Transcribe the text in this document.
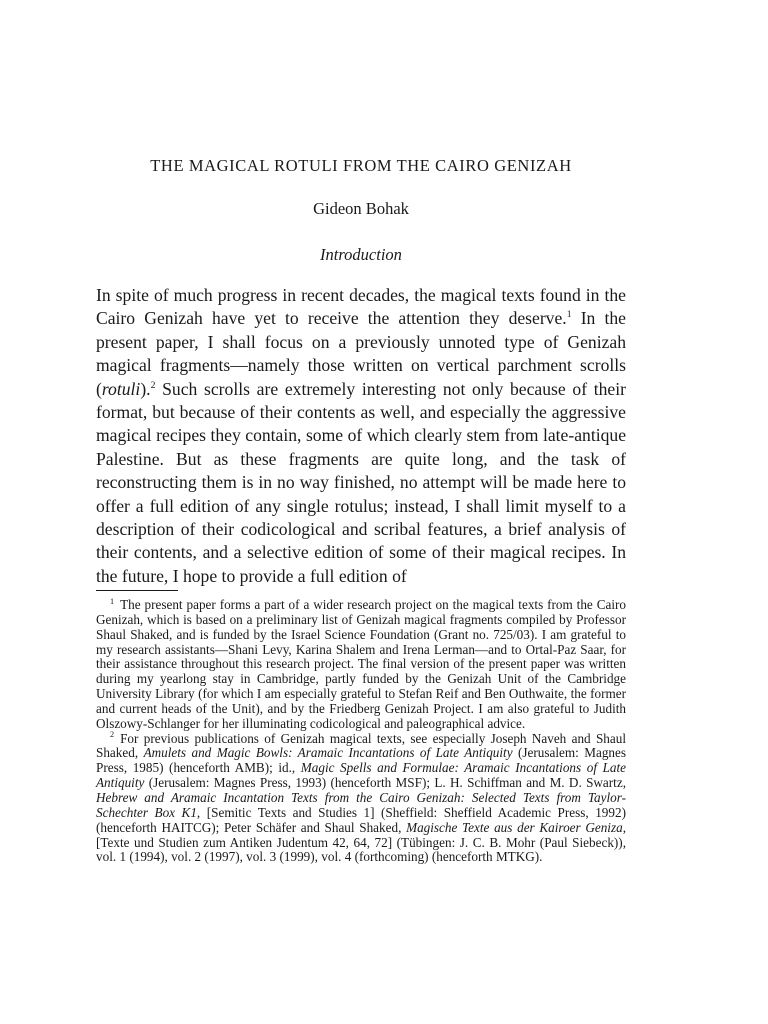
THE MAGICAL ROTULI FROM THE CAIRO GENIZAH
Gideon Bohak
Introduction

In spite of much progress in recent decades, the magical texts found in the Cairo Genizah have yet to receive the attention they deserve.$^1$ In the present paper, I shall focus on a previously unnoted type of Genizah magical fragments—namely those written on vertical parchment scrolls (rotuli).$^2$ Such scrolls are extremely interesting not only because of their format, but because of their contents as well, and especially the aggressive magical recipes they contain, some of which clearly stem from late-antique Palestine. But as these fragments are quite long, and the task of reconstructing them is in no way finished, no attempt will be made here to offer a full edition of any single rotulus; instead, I shall limit myself to a description of their codicological and scribal features, a brief analysis of their contents, and a selective edition of some of their magical recipes. In the future, I hope to provide a full edition of

$^1$ The present paper forms a part of a wider research project on the magical texts from the Cairo Genizah, which is based on a preliminary list of Genizah magical fragments compiled by Professor Shaul Shaked, and is funded by the Israel Science Foundation (Grant no. 725/03). I am grateful to my research assistants—Shani Levy, Karina Shalem and Irena Lerman—and to Ortal-Paz Saar, for their assistance throughout this research project. The final version of the present paper was written during my yearlong stay in Cambridge, partly funded by the Genizah Unit of the Cambridge University Library (for which I am especially grateful to Stefan Reif and Ben Outhwaite, the former and current heads of the Unit), and by the Friedberg Genizah Project. I am also grateful to Judith Olszowy-Schlanger for her illuminating codicological and paleographical advice.

$^2$ For previous publications of Genizah magical texts, see especially Joseph Naveh and Shaul Shaked, Amulets and Magic Bowls: Aramaic Incantations of Late Antiquity (Jerusalem: Magnes Press, 1985) (henceforth AMB); id., Magic Spells and Formulae: Aramaic Incantations of Late Antiquity (Jerusalem: Magnes Press, 1993) (henceforth MSF); L. H. Schiffman and M. D. Swartz, Hebrew and Aramaic Incantation Texts from the Cairo Genizah: Selected Texts from Taylor-Schechter Box K1, [Semitic Texts and Studies 1] (Sheffield: Sheffield Academic Press, 1992) (henceforth HAITCG); Peter Schäfer and Shaul Shaked, Magische Texte aus der Kairoer Geniza, [Texte und Studien zum Antiken Judentum 42, 64, 72] (Tübingen: J. C. B. Mohr (Paul Siebeck)), vol. 1 (1994), vol. 2 (1997), vol. 3 (1999), vol. 4 (forthcoming) (henceforth MTKG).
